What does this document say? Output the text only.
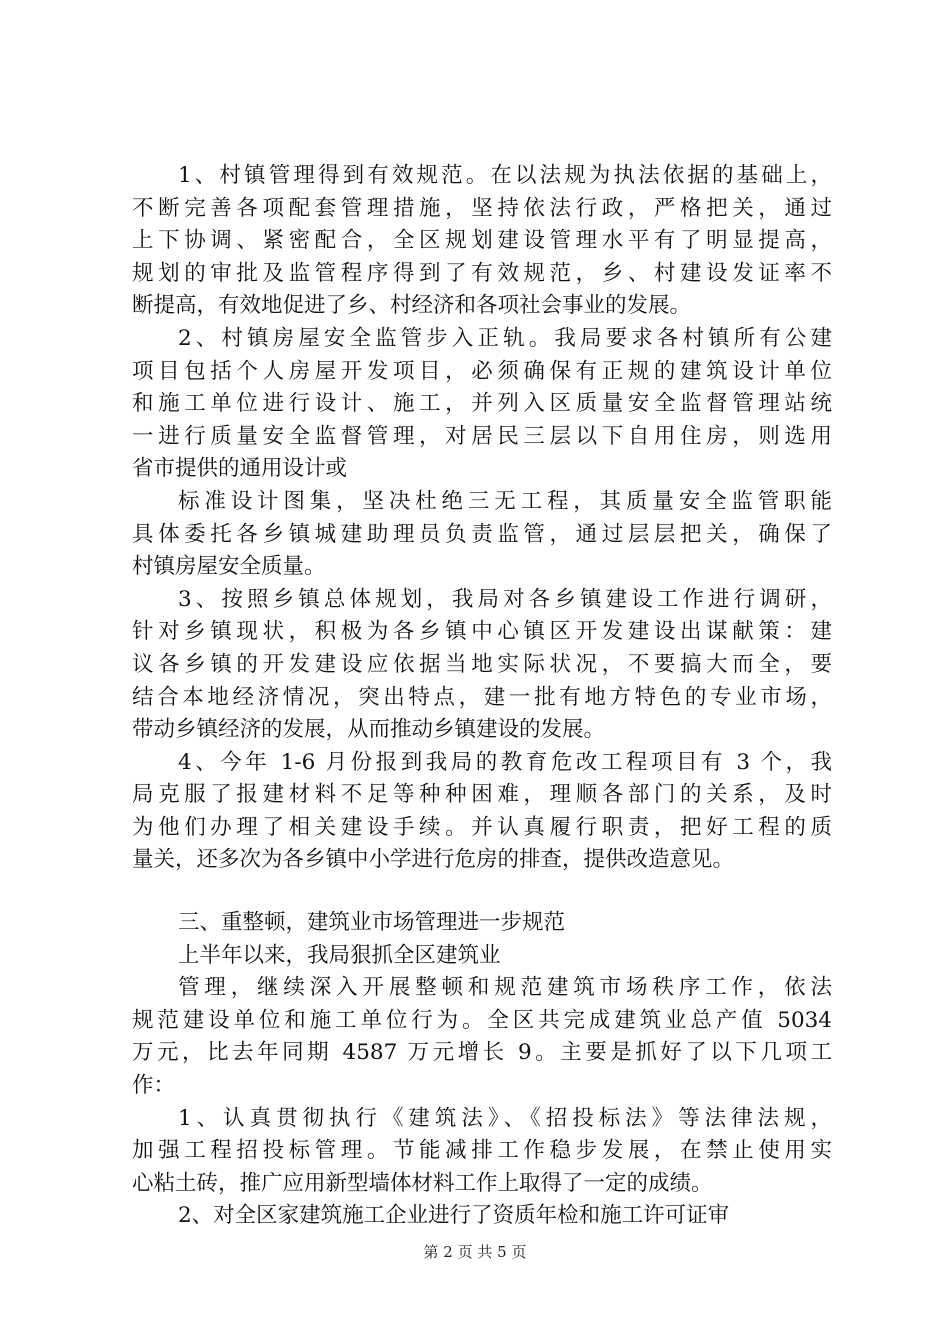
1、村镇管理得到有效规范。在以法规为执法依据的基础上，
不断完善各项配套管理措施，坚持依法行政，严格把关，通过
上下协调、紧密配合，全区规划建设管理水平有了明显提高，
规划的审批及监管程序得到了有效规范，乡、村建设发证率不
断提高，有效地促进了乡、村经济和各项社会事业的发展。
2、村镇房屋安全监管步入正轨。我局要求各村镇所有公建
项目包括个人房屋开发项目，必须确保有正规的建筑设计单位
和施工单位进行设计、施工，并列入区质量安全监督管理站统
一进行质量安全监督管理，对居民三层以下自用住房，则选用
省市提供的通用设计或
标准设计图集，坚决杜绝三无工程，其质量安全监管职能
具体委托各乡镇城建助理员负责监管，通过层层把关，确保了
村镇房屋安全质量。
3、按照乡镇总体规划，我局对各乡镇建设工作进行调研，
针对乡镇现状，积极为各乡镇中心镇区开发建设出谋献策：建
议各乡镇的开发建设应依据当地实际状况，不要搞大而全，要
结合本地经济情况，突出特点，建一批有地方特色的专业市场，
带动乡镇经济的发展，从而推动乡镇建设的发展。
4、今年 1-6 月份报到我局的教育危改工程项目有 3 个，我
局克服了报建材料不足等种种困难，理顺各部门的关系，及时
为他们办理了相关建设手续。并认真履行职责，把好工程的质
量关，还多次为各乡镇中小学进行危房的排查，提供改造意见。
三、重整顿，建筑业市场管理进一步规范
上半年以来，我局狠抓全区建筑业
管理，继续深入开展整顿和规范建筑市场秩序工作，依法
规范建设单位和施工单位行为。全区共完成建筑业总产值 5034
万元，比去年同期 4587 万元增长 9。主要是抓好了以下几项工
作：
1、认真贯彻执行《建筑法》、《招投标法》等法律法规，
加强工程招投标管理。节能减排工作稳步发展，在禁止使用实
心粘土砖，推广应用新型墙体材料工作上取得了一定的成绩。
2、对全区家建筑施工企业进行了资质年检和施工许可证审
第 2 页 共 5 页
